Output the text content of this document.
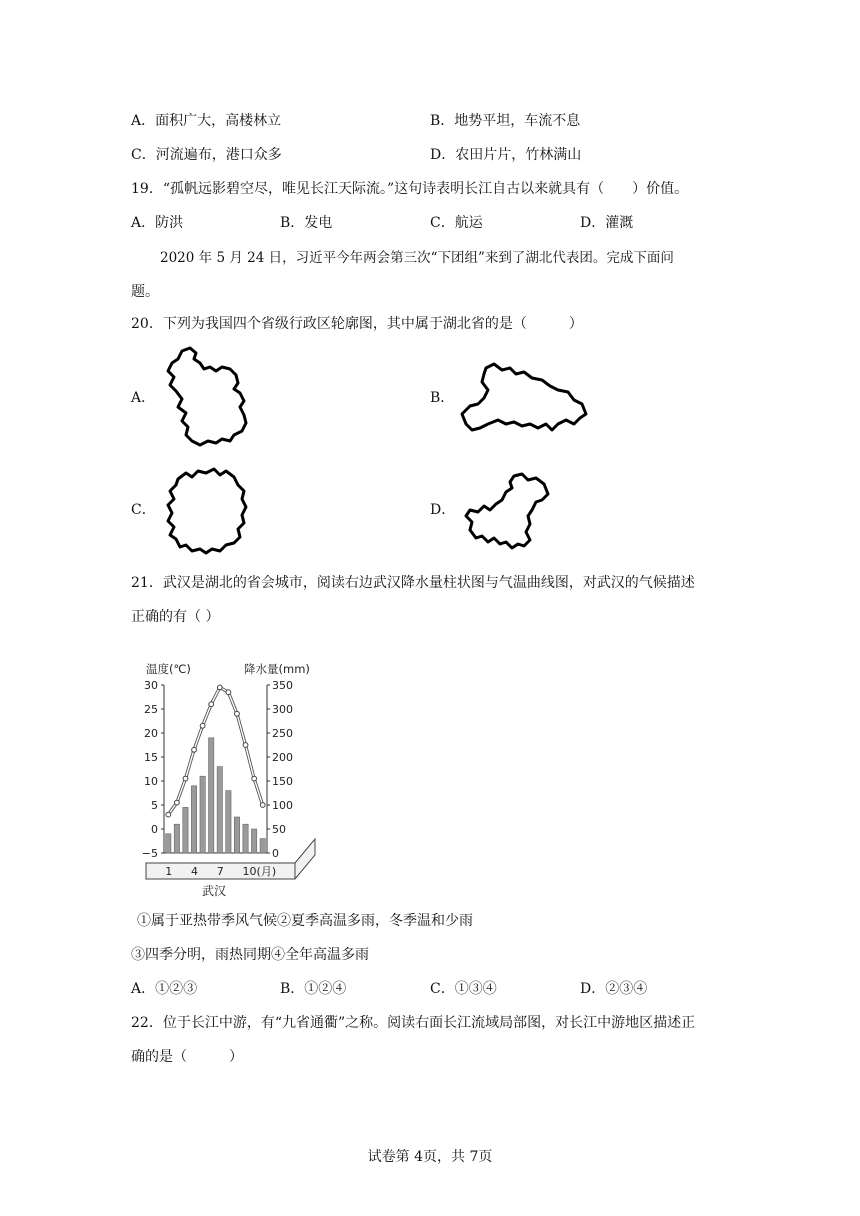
A．面积广大，高楼林立	B．地势平坦，车流不息
C．河流遍布，港口众多	D．农田片片，竹林满山
19．“孤帆远影碧空尽，唯见长江天际流。”这句诗表明长江自古以来就具有（　　）价值。
A．防洪	B．发电	C．航运	D．灌溉
2020 年 5 月 24 日，习近平今年两会第三次“下团组”来到了湖北代表团。完成下面问
题。
20．下列为我国四个省级行政区轮廓图，其中属于湖北省的是（　　　）
A．	B．
C．	D．
21．武汉是湖北的省会城市，阅读右边武汉降水量柱状图与气温曲线图，对武汉的气候描述
正确的有（ ）
温度(℃)	降水量(mm)
30
25
20
15
10
5
0
−5
350
300
250
200
150
100
50
0
1 4 7 10(月)
武汉
①属于亚热带季风气候②夏季高温多雨，冬季温和少雨
③四季分明，雨热同期④全年高温多雨
A．①②③	B．①②④	C．①③④	D．②③④
22．位于长江中游，有“九省通衢”之称。阅读右面长江流域局部图，对长江中游地区描述正
确的是（　　　）
试卷第 4页，共 7页
